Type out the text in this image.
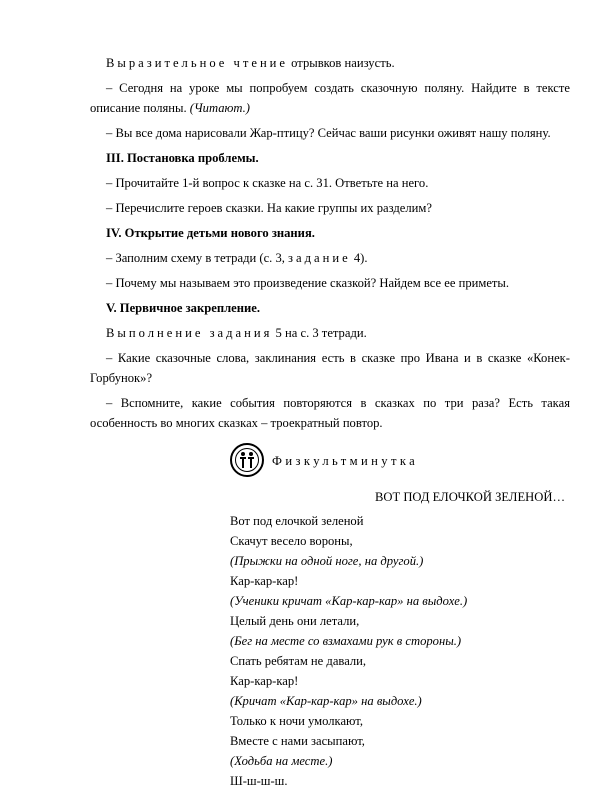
Выразительное чтение отрывков наизусть.

– Сегодня на уроке мы попробуем создать сказочную поляну. Найдите в тексте описание поляны. (Читают.)

– Вы все дома нарисовали Жар-птицу? Сейчас ваши рисунки оживят нашу поляну.

III. Постановка проблемы.

– Прочитайте 1-й вопрос к сказке на с. 31. Ответьте на него.

– Перечислите героев сказки. На какие группы их разделим?

IV. Открытие детьми нового знания.

– Заполним схему в тетради (с. 3, задание 4).

– Почему мы называем это произведение сказкой? Найдем все ее приметы.

V. Первичное закрепление.

Выполнение задания 5 на с. 3 тетради.

– Какие сказочные слова, заклинания есть в сказке про Ивана и в сказке «Конек-Горбунок»?

– Вспомните, какие события повторяются в сказках по три раза? Есть такая особенность во многих сказках – троекратный повтор.

Физкультминутка
ВОТ ПОД ЕЛОЧКОЙ ЗЕЛЕНОЙ…

Вот под елочкой зеленой

Скачут весело вороны,

(Прыжки на одной ноге, на другой.)

Кар-кар-кар!

(Ученики кричат «Кар-кар-кар» на выдохе.)

Целый день они летали,

(Бег на месте со взмахами рук в стороны.)

Спать ребятам не давали,

Кар-кар-кар!

(Кричат «Кар-кар-кар» на выдохе.)

Только к ночи умолкают,

Вместе с нами засыпают,

(Ходьба на месте.)

Ш-ш-ш-ш.
